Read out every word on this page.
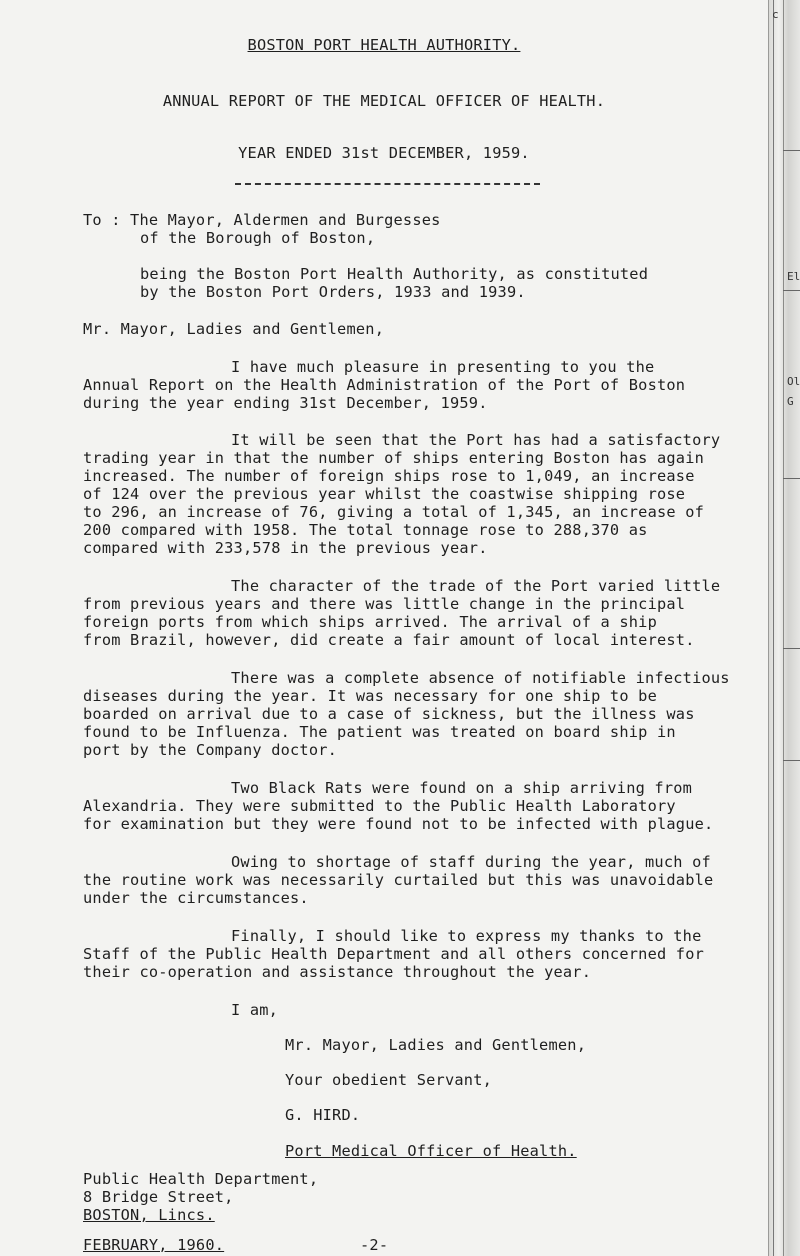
BOSTON PORT HEALTH AUTHORITY.
ANNUAL REPORT OF THE MEDICAL OFFICER OF HEALTH.
YEAR ENDED 31st DECEMBER, 1959.
To : The Mayor, Aldermen and Burgesses
of the Borough of Boston,
being the Boston Port Health Authority, as constituted
by the Boston Port Orders, 1933 and 1939.
Mr. Mayor, Ladies and Gentlemen,
I have much pleasure in presenting to you the
Annual Report on the Health Administration of the Port of Boston
during the year ending 31st December, 1959.
It will be seen that the Port has had a satisfactory
trading year in that the number of ships entering Boston has again
increased. The number of foreign ships rose to 1,049, an increase
of 124 over the previous year whilst the coastwise shipping rose
to 296, an increase of 76, giving a total of 1,345, an increase of
200 compared with 1958. The total tonnage rose to 288,370 as
compared with 233,578 in the previous year.
The character of the trade of the Port varied little
from previous years and there was little change in the principal
foreign ports from which ships arrived. The arrival of a ship
from Brazil, however, did create a fair amount of local interest.
There was a complete absence of notifiable infectious
diseases during the year. It was necessary for one ship to be
boarded on arrival due to a case of sickness, but the illness was
found to be Influenza. The patient was treated on board ship in
port by the Company doctor.
Two Black Rats were found on a ship arriving from
Alexandria. They were submitted to the Public Health Laboratory
for examination but they were found not to be infected with plague.
Owing to shortage of staff during the year, much of
the routine work was necessarily curtailed but this was unavoidable
under the circumstances.
Finally, I should like to express my thanks to the
Staff of the Public Health Department and all others concerned for
their co-operation and assistance throughout the year.
I am,
Mr. Mayor, Ladies and Gentlemen,
Your obedient Servant,
G. HIRD.
Port Medical Officer of Health.
Public Health Department,
8 Bridge Street,
BOSTON, Lincs.
FEBRUARY, 1960.	-2-
c
El
Ol
G
